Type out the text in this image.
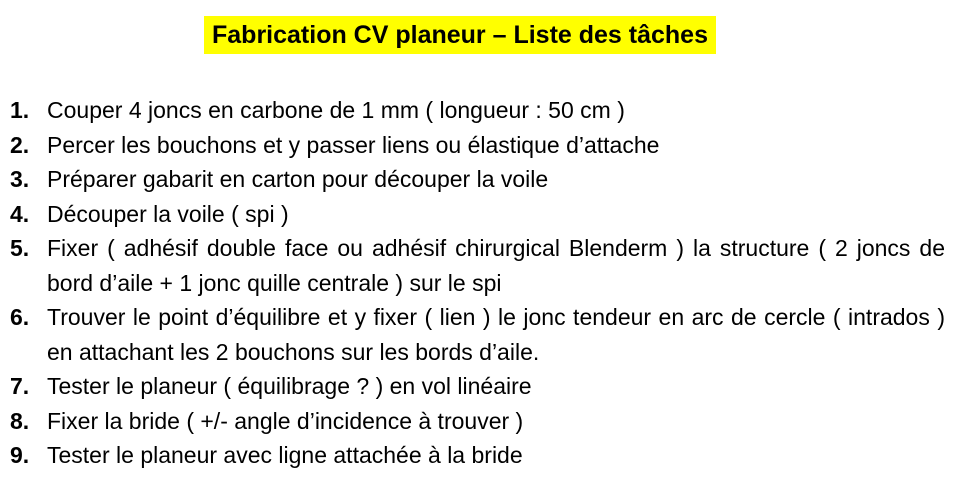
Fabrication CV planeur – Liste des tâches
1. Couper 4 joncs en carbone de 1 mm ( longueur : 50 cm )
2. Percer les bouchons et y passer liens ou élastique d’attache
3. Préparer gabarit en carton pour découper la voile
4. Découper la voile ( spi )
5. Fixer ( adhésif double face ou adhésif chirurgical Blenderm ) la structure ( 2 joncs de bord d’aile + 1 jonc quille centrale ) sur le spi
6. Trouver le point d’équilibre et y fixer ( lien ) le jonc tendeur en arc de cercle ( intrados ) en attachant les 2 bouchons sur les bords d’aile.
7. Tester le planeur ( équilibrage ? ) en vol linéaire
8. Fixer la bride ( +/- angle d’incidence à trouver )
9. Tester le planeur avec ligne attachée à la bride
